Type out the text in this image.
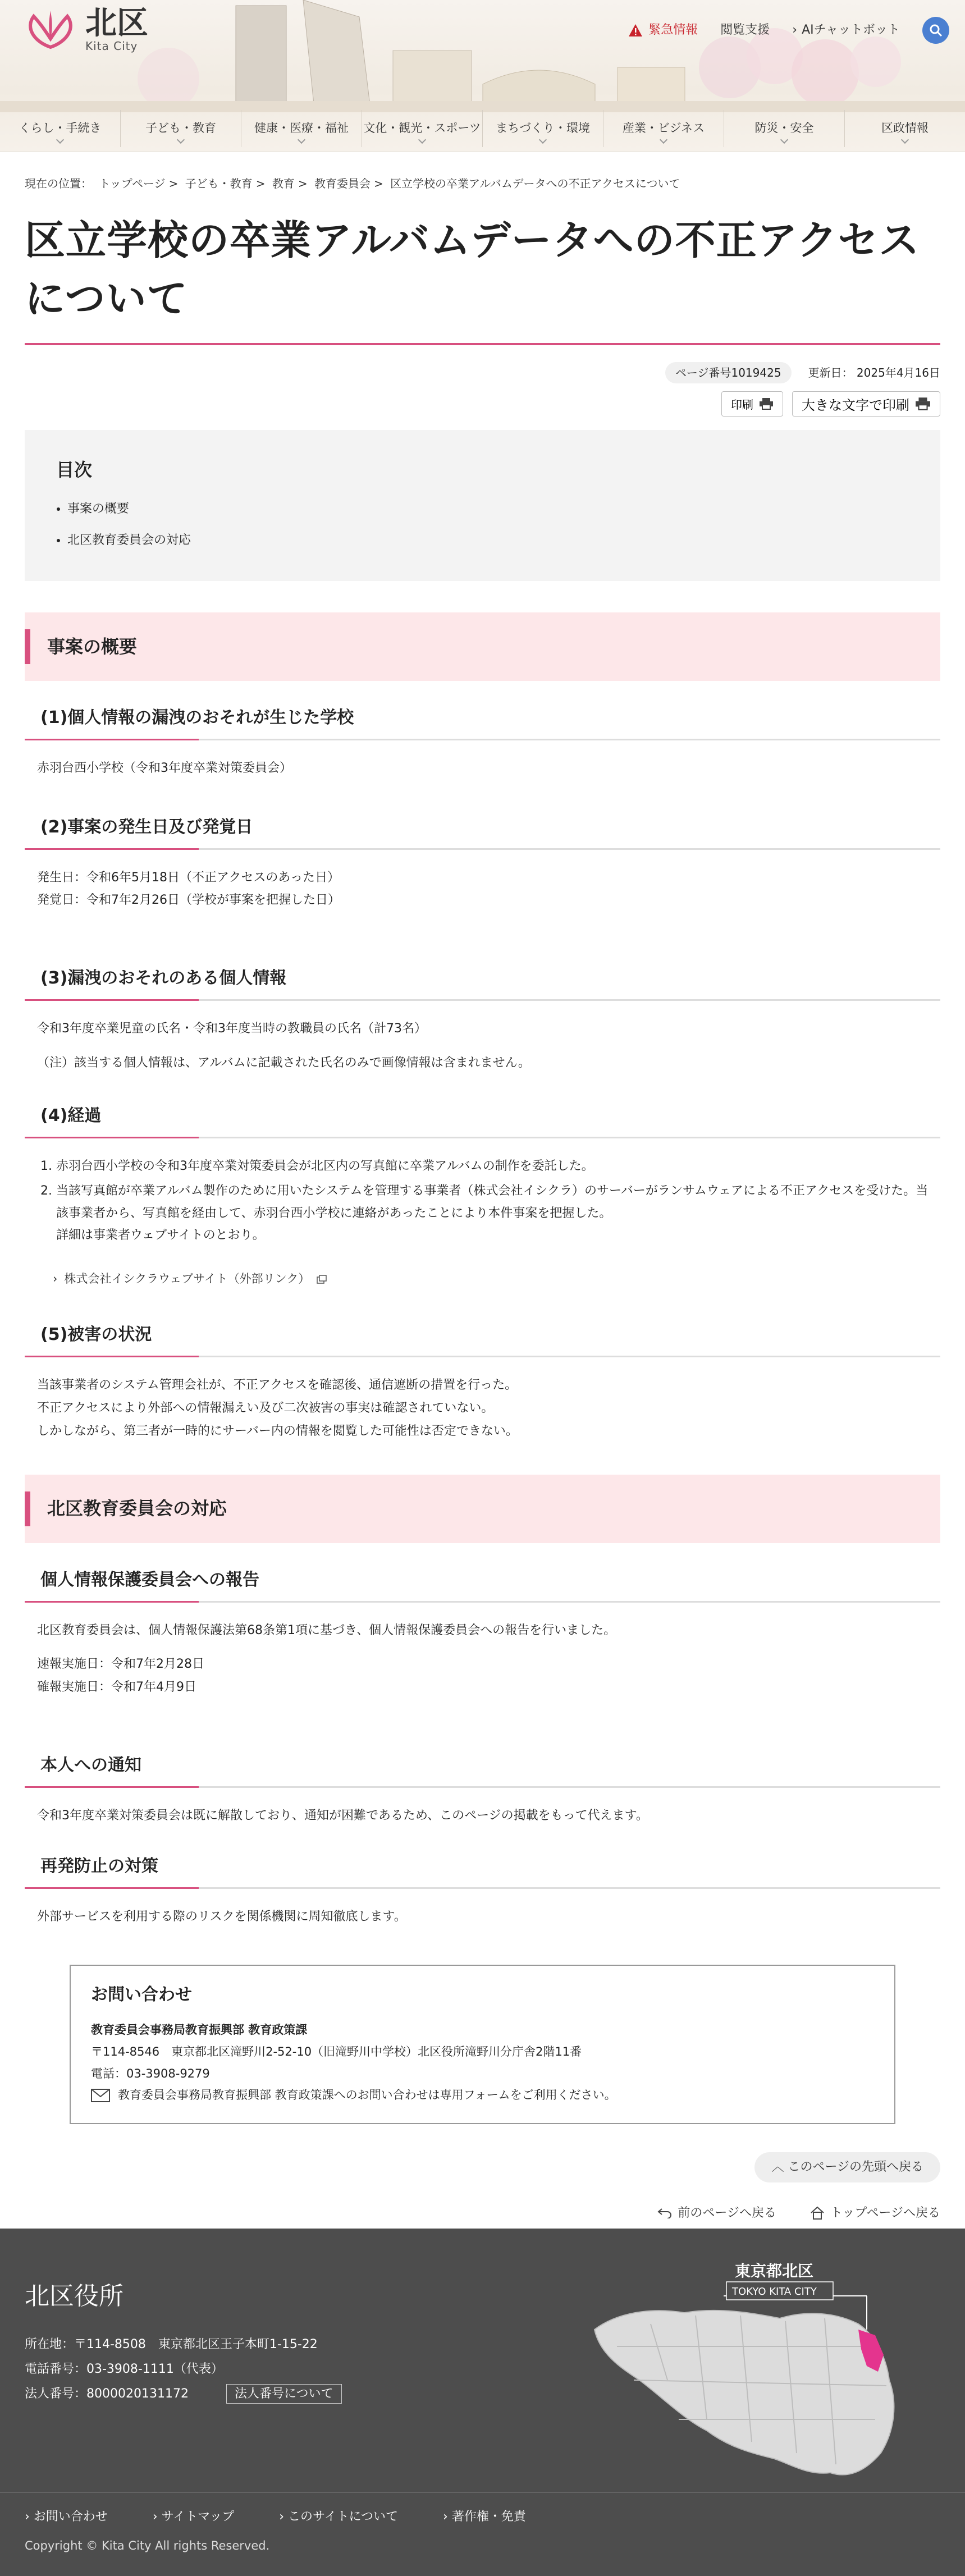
北区
Kita City
緊急情報 閲覧支援 › AIチャットボット
くらし・手続き	子ども・教育	健康・医療・福祉	文化・観光・スポーツ	まちづくり・環境	産業・ビジネス	防災・安全	区政情報
現在の位置： トップページ > 子ども・教育 > 教育 > 教育委員会 > 区立学校の卒業アルバムデータへの不正アクセスについて
区立学校の卒業アルバムデータへの不正アクセスについて
ページ番号1019425	更新日： 2025年4月16日
印刷	大きな文字で印刷
目次
• 事案の概要
• 北区教育委員会の対応
事案の概要
(1)個人情報の漏洩のおそれが生じた学校

赤羽台西小学校（令和3年度卒業対策委員会）

(2)事案の発生日及び発覚日

発生日：令和6年5月18日（不正アクセスのあった日）

発覚日：令和7年2月26日（学校が事案を把握した日）

(3)漏洩のおそれのある個人情報

令和3年度卒業児童の氏名・令和3年度当時の教職員の氏名（計73名）

（注）該当する個人情報は、アルバムに記載された氏名のみで画像情報は含まれません。

(4)経過
1. 赤羽台西小学校の令和3年度卒業対策委員会が北区内の写真館に卒業アルバムの制作を委託した。
2. 当該写真館が卒業アルバム製作のために用いたシステムを管理する事業者（株式会社イシクラ）のサーバーがランサムウェアによる不正アクセスを受けた。当該事業者から、写真館を経由して、赤羽台西小学校に連絡があったことにより本件事案を把握した。
詳細は事業者ウェブサイトのとおり。
› 株式会社イシクラウェブサイト（外部リンク）
(5)被害の状況

当該事業者のシステム管理会社が、不正アクセスを確認後、通信遮断の措置を行った。

不正アクセスにより外部への情報漏えい及び二次被害の事実は確認されていない。

しかしながら、第三者が一時的にサーバー内の情報を閲覧した可能性は否定できない。

北区教育委員会の対応
個人情報保護委員会への報告

北区教育委員会は、個人情報保護法第68条第1項に基づき、個人情報保護委員会への報告を行いました。

速報実施日：令和7年2月28日

確報実施日：令和7年4月9日

本人への通知

令和3年度卒業対策委員会は既に解散しており、通知が困難であるため、このページの掲載をもって代えます。

再発防止の対策

外部サービスを利用する際のリスクを関係機関に周知徹底します。

お問い合わせ

教育委員会事務局教育振興部 教育政策課

〒114-8546　東京都北区滝野川2-52-10（旧滝野川中学校）北区役所滝野川分庁舎2階11番

電話：03-3908-9279

教育委員会事務局教育振興部 教育政策課へのお問い合わせは専用フォームをご利用ください。

︿ このページの先頭へ戻る
前のページへ戻る	トップページへ戻る
北区役所
所在地：〒114-8508　東京都北区王子本町1-15-22
電話番号：03-3908-1111（代表）
法人番号：8000020131172	法人番号について
東京都北区
TOKYO KITA CITY
› お問い合わせ	› サイトマップ	› このサイトについて	› 著作権・免責
Copyright © Kita City All rights Reserved.
